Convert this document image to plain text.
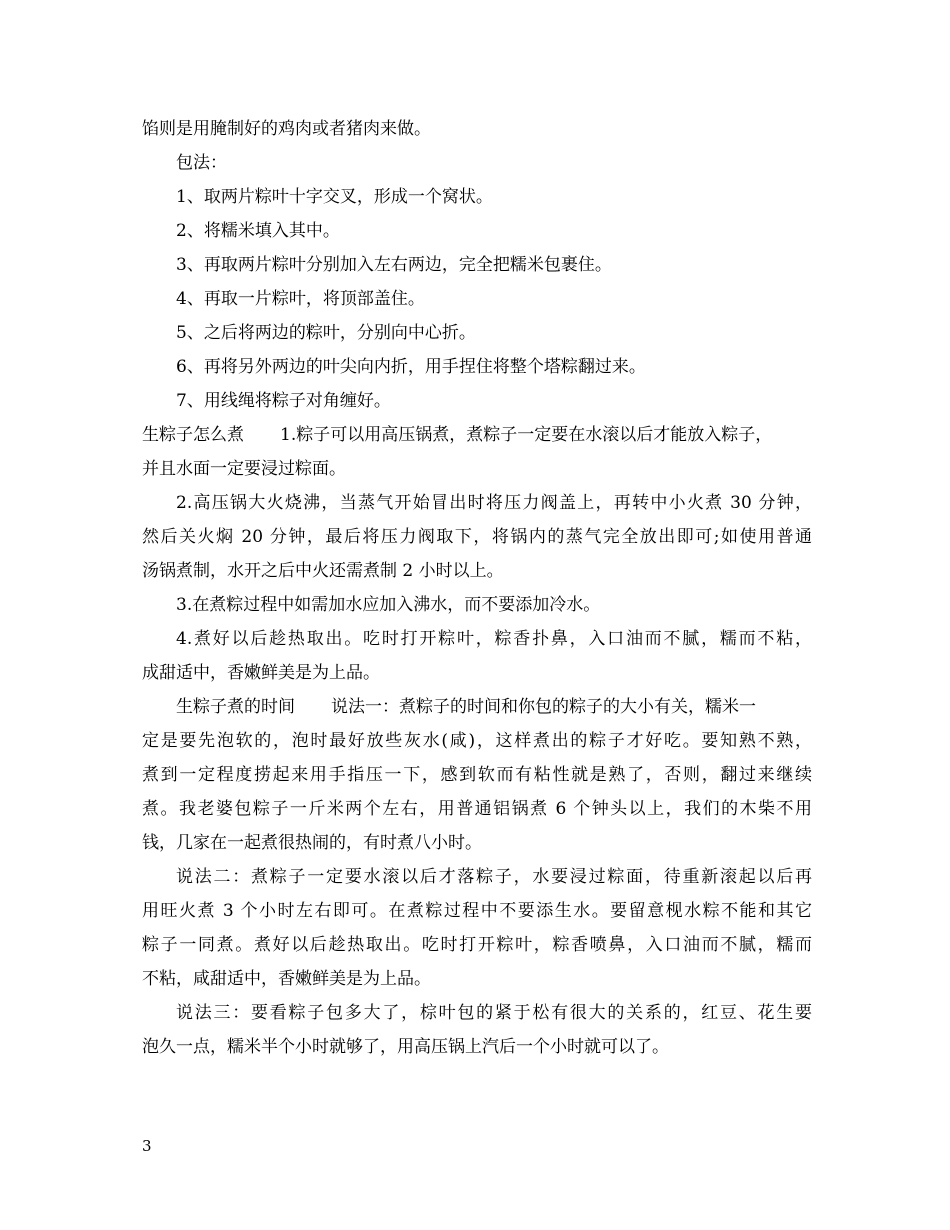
馅则是用腌制好的鸡肉或者猪肉来做。
包法：
1、取两片粽叶十字交叉，形成一个窝状。
2、将糯米填入其中。
3、再取两片粽叶分别加入左右两边，完全把糯米包裹住。
4、再取一片粽叶，将顶部盖住。
5、之后将两边的粽叶，分别向中心折。
6、再将另外两边的叶尖向内折，用手捏住将整个塔粽翻过来。
7、用线绳将粽子对角缠好。
生粽子怎么煮 1.粽子可以用高压锅煮，煮粽子一定要在水滚以后才能放入粽子，
并且水面一定要浸过粽面。
2.高压锅大火烧沸，当蒸气开始冒出时将压力阀盖上，再转中小火煮 30 分钟，
然后关火焖 20 分钟，最后将压力阀取下，将锅内的蒸气完全放出即可;如使用普通
汤锅煮制，水开之后中火还需煮制 2 小时以上。
3.在煮粽过程中如需加水应加入沸水，而不要添加冷水。
4.煮好以后趁热取出。吃时打开粽叶，粽香扑鼻，入口油而不腻，糯而不粘，
成甜适中，香嫩鲜美是为上品。
生粽子煮的时间 说法一：煮粽子的时间和你包的粽子的大小有关，糯米一
定是要先泡软的，泡时最好放些灰水(咸)，这样煮出的粽子才好吃。要知熟不熟，
煮到一定程度捞起来用手指压一下，感到软而有粘性就是熟了，否则，翻过来继续
煮。我老婆包粽子一斤米两个左右，用普通铝锅煮 6 个钟头以上，我们的木柴不用
钱，几家在一起煮很热闹的，有时煮八小时。
说法二：煮粽子一定要水滚以后才落粽子，水要浸过粽面，待重新滚起以后再
用旺火煮 3 个小时左右即可。在煮粽过程中不要添生水。要留意枧水粽不能和其它
粽子一同煮。煮好以后趁热取出。吃时打开粽叶，粽香喷鼻，入口油而不腻，糯而
不粘，咸甜适中，香嫩鲜美是为上品。
说法三：要看粽子包多大了，棕叶包的紧于松有很大的关系的，红豆、花生要
泡久一点，糯米半个小时就够了，用高压锅上汽后一个小时就可以了。
3
